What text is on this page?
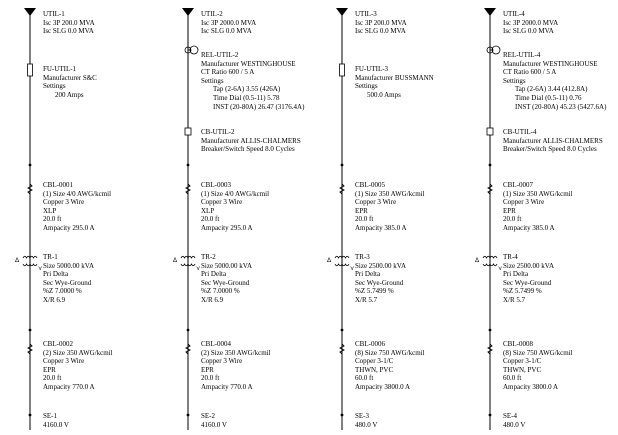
Δ
⋎
UTIL-1
Isc 3P 200.0 MVA
Isc SLG 0.0 MVA
FU-UTIL-1
Manufacturer S&C
Settings
200 Amps
CBL-0001
(1) Size 4/0 AWG/kcmil
Copper 3 Wire
XLP
20.0 ft
Ampacity 295.0 A
TR-1
Size 5000.00 kVA
Pri Delta
Sec Wye-Ground
%Z 7.0000 %
X/R 6.9
CBL-0002
(2) Size 350 AWG/kcmil
Copper 3 Wire
EPR
20.0 ft
Ampacity 770.0 A
SE-1
4160.0 V
Δ
⋎
UTIL-2
Isc 3P 2000.0 MVA
Isc SLG 0.0 MVA
REL-UTIL-2
Manufacturer WESTINGHOUSE
CT Ratio 600 / 5 A
Settings
Tap (2-6A) 3.55 (426A)
Time Dial (0.5-11) 5.78
INST (20-80A) 26.47 (3176.4A)
CB-UTIL-2
Manufacturer ALLIS-CHALMERS
Breaker/Switch Speed 8.0 Cycles
CBL-0003
(1) Size 4/0 AWG/kcmil
Copper 3 Wire
XLP
20.0 ft
Ampacity 295.0 A
TR-2
Size 5000.00 kVA
Pri Delta
Sec Wye-Ground
%Z 7.0000 %
X/R 6.9
CBL-0004
(2) Size 350 AWG/kcmil
Copper 3 Wire
EPR
20.0 ft
Ampacity 770.0 A
SE-2
4160.0 V
Δ
⋎
UTIL-3
Isc 3P 200.0 MVA
Isc SLG 0.0 MVA
FU-UTIL-3
Manufacturer BUSSMANN
Settings
500.0 Amps
CBL-0005
(1) Size 350 AWG/kcmil
Copper 3 Wire
EPR
20.0 ft
Ampacity 385.0 A
TR-3
Size 2500.00 kVA
Pri Delta
Sec Wye-Ground
%Z 5.7499 %
X/R 5.7
CBL-0006
(8) Size 750 AWG/kcmil
Copper 3-1/C
THWN, PVC
60.0 ft
Ampacity 3800.0 A
SE-3
480.0 V
Δ
⋎
UTIL-4
Isc 3P 2000.0 MVA
Isc SLG 0.0 MVA
REL-UTIL-4
Manufacturer WESTINGHOUSE
CT Ratio 600 / 5 A
Settings
Tap (2-6A) 3.44 (412.8A)
Time Dial (0.5-11) 0.76
INST (20-80A) 45.23 (5427.6A)
CB-UTIL-4
Manufacturer ALLIS-CHALMERS
Breaker/Switch Speed 8.0 Cycles
CBL-0007
(1) Size 350 AWG/kcmil
Copper 3 Wire
EPR
20.0 ft
Ampacity 385.0 A
TR-4
Size 2500.00 kVA
Pri Delta
Sec Wye-Ground
%Z 5.7499 %
X/R 5.7
CBL-0008
(8) Size 750 AWG/kcmil
Copper 3-1/C
THWN, PVC
60.0 ft
Ampacity 3800.0 A
SE-4
480.0 V
